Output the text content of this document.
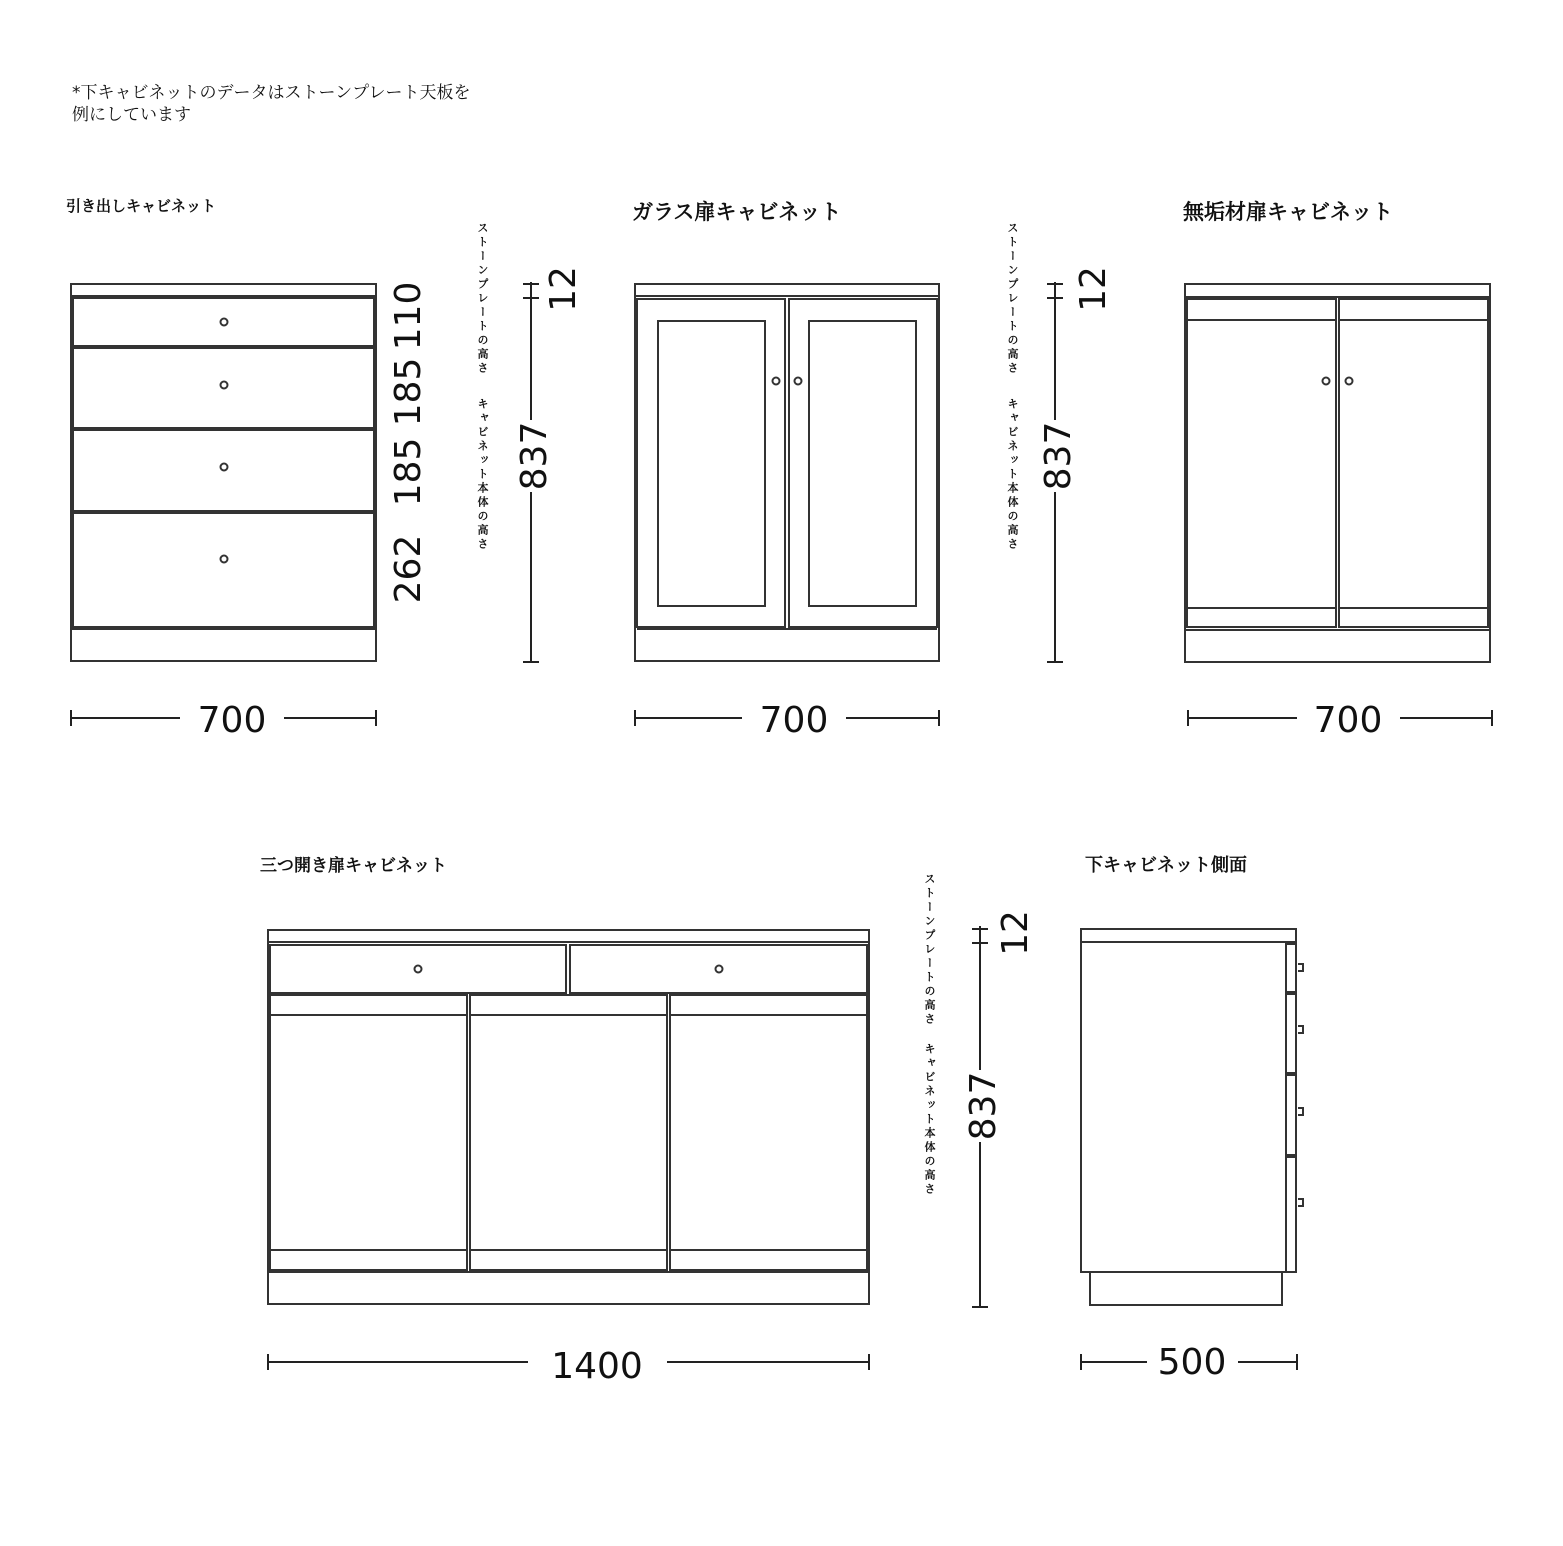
*下キャビネットのデータはストーンプレート天板を
例にしています
引き出しキャビネット	ガラス扉キャビネット	無垢材扉キャビネット
三つ開き扉キャビネット	下キャビネット側面
ストーンプレートの高さ
キャビネット本体の高さ
ストーンプレートの高さ
キャビネット本体の高さ
ストーンプレートの高さ
キャビネット本体の高さ
700	700	700
1400	500
110
185
185
262
12
837
12
837
12
837
